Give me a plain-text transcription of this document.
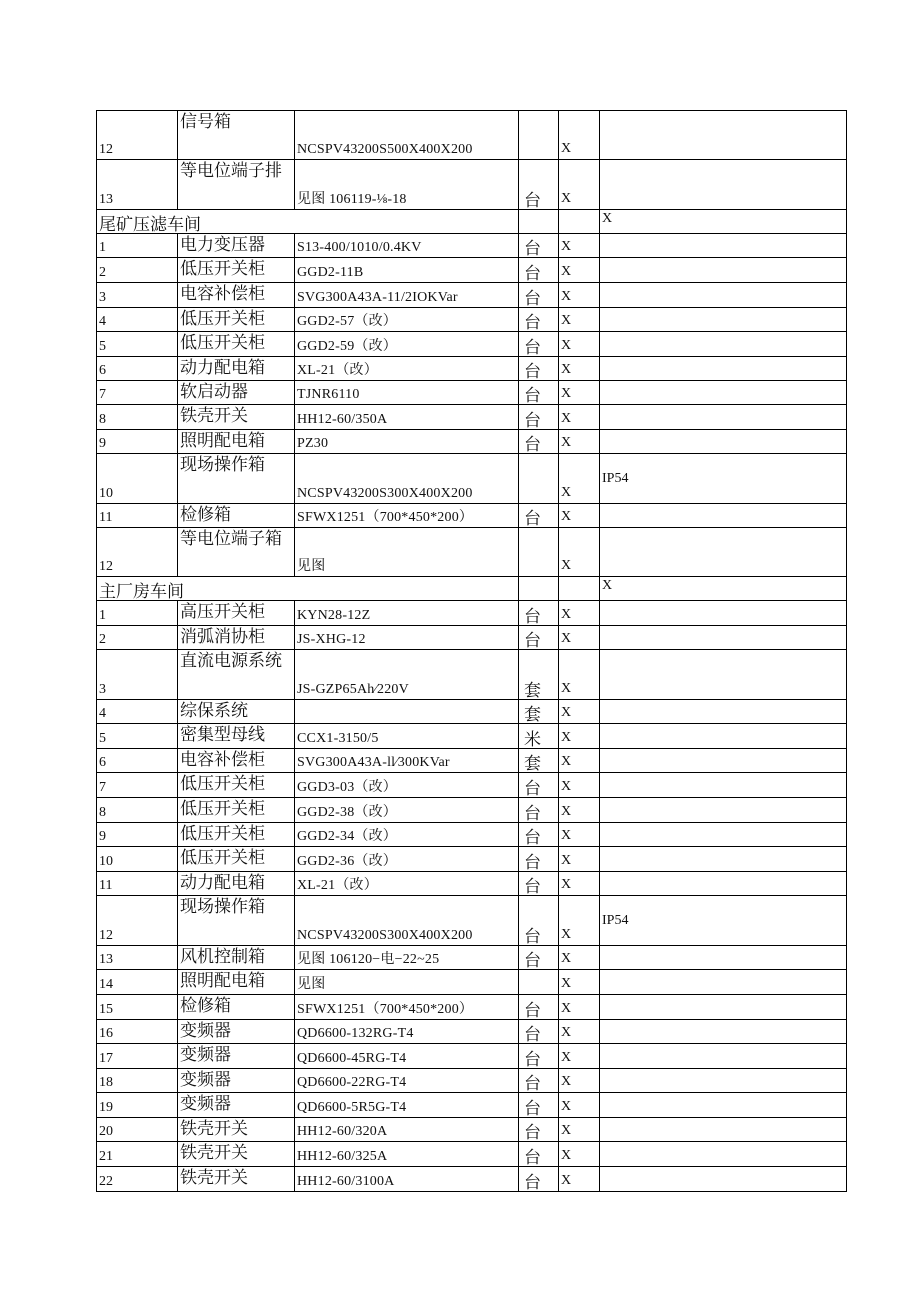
12	信号箱	NCSPV43200S500X400X200		X	
13	等电位端子排	见图 106119-⅛-18	台	X	
尾矿压滤车间					X
1	电力变压器	S13-400/1010/0.4KV	台	X	
2	低压开关柜	GGD2-11B	台	X	
3	电容补偿柜	SVG300A43A-11/2IOKVar	台	X	
4	低压开关柜	GGD2-57（改）	台	X	
5	低压开关柜	GGD2-59（改）	台	X	
6	动力配电箱	XL-21（改）	台	X	
7	软启动器	TJNR6110	台	X	
8	铁壳开关	HH12-60/350A	台	X	
9	照明配电箱	PZ30	台	X	
10	现场操作箱	NCSPV43200S300X400X200		X	IP54
11	检修箱	SFWX1251（700*450*200）	台	X	
12	等电位端子箱	见图		X	
主厂房车间					X
1	高压开关柜	KYN28-12Z	台	X	
2	消弧消协柜	JS-XHG-12	台	X	
3	直流电源系统	JS-GZP65Ah∕220V	套	X	
4	综保系统		套	X	
5	密集型母线	CCX1-3150/5	米	X	
6	电容补偿柜	SVG300A43A-ll∕300KVar	套	X	
7	低压开关柜	GGD3-03（改）	台	X	
8	低压开关柜	GGD2-38（改）	台	X	
9	低压开关柜	GGD2-34（改）	台	X	
10	低压开关柜	GGD2-36（改）	台	X	
11	动力配电箱	XL-21（改）	台	X	
12	现场操作箱	NCSPV43200S300X400X200	台	X	IP54
13	风机控制箱	见图 106120−电−22~25	台	X	
14	照明配电箱	见图		X	
15	检修箱	SFWX1251（700*450*200）	台	X	
16	变频器	QD6600-132RG-T4	台	X	
17	变频器	QD6600-45RG-T4	台	X	
18	变频器	QD6600-22RG-T4	台	X	
19	变频器	QD6600-5R5G-T4	台	X	
20	铁壳开关	HH12-60/320A	台	X	
21	铁壳开关	HH12-60/325A	台	X	
22	铁壳开关	HH12-60/3100A	台	X	
